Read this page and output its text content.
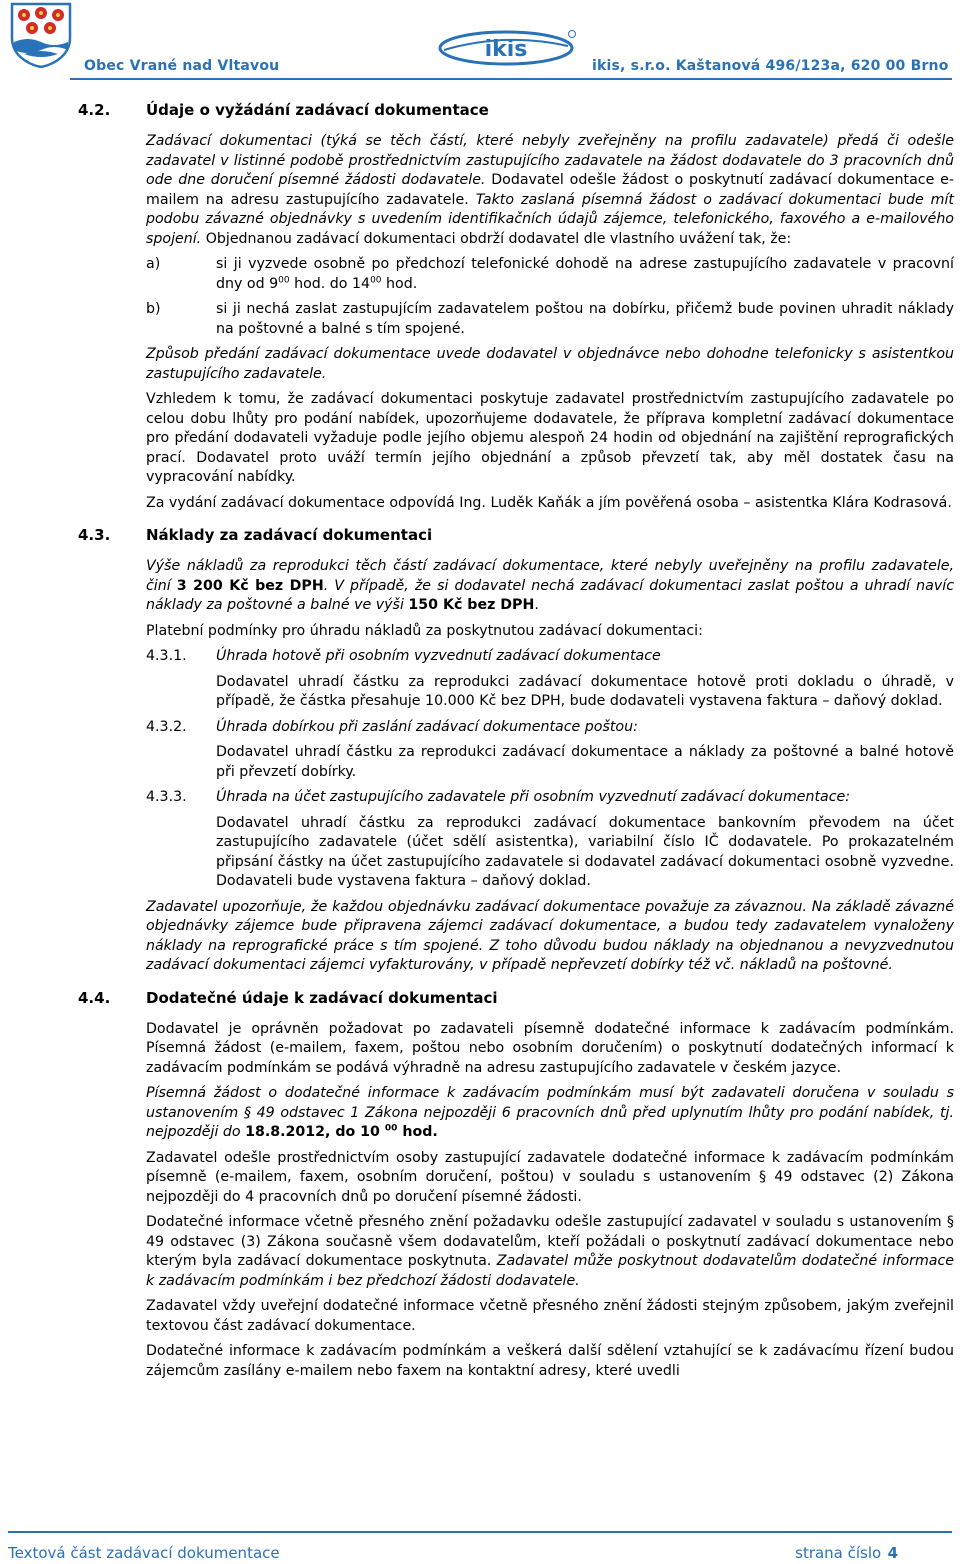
Obec Vrané nad Vltavou
ikis
ikis, s.r.o. Kaštanová 496/123a, 620 00 Brno
4.2. Údaje o vyžádání zadávací dokumentace
Zadávací dokumentaci (týká se těch částí, které nebyly zveřejněny na profilu zadavatele) předá či odešle zadavatel v listinné podobě prostřednictvím zastupujícího zadavatele na žádost dodavatele do 3 pracovních dnů ode dne doručení písemné žádosti dodavatele. Dodavatel odešle žádost o poskytnutí zadávací dokumentace e-mailem na adresu zastupujícího zadavatele. Takto zaslaná písemná žádost o zadávací dokumentaci bude mít podobu závazné objednávky s uvedením identifikačních údajů zájemce, telefonického, faxového a e-mailového spojení. Objednanou zadávací dokumentaci obdrží dodavatel dle vlastního uvážení tak, že:
a)	si ji vyzvede osobně po předchozí telefonické dohodě na adrese zastupujícího zadavatele v pracovní dny od $9^{00}$ hod. do $14^{00}$ hod.
b)	si ji nechá zaslat zastupujícím zadavatelem poštou na dobírku, přičemž bude povinen uhradit náklady na poštovné a balné s tím spojené.
Způsob předání zadávací dokumentace uvede dodavatel v objednávce nebo dohodne telefonicky s asistentkou zastupujícího zadavatele.
Vzhledem k tomu, že zadávací dokumentaci poskytuje zadavatel prostřednictvím zastupujícího zadavatele po celou dobu lhůty pro podání nabídek, upozorňujeme dodavatele, že příprava kompletní zadávací dokumentace pro předání dodavateli vyžaduje podle jejího objemu alespoň 24 hodin od objednání na zajištění reprografických prací. Dodavatel proto uváží termín jejího objednání a způsob převzetí tak, aby měl dostatek času na vypracování nabídky.
Za vydání zadávací dokumentace odpovídá Ing. Luděk Kaňák a jím pověřená osoba – asistentka Klára Kodrasová.
4.3. Náklady za zadávací dokumentaci
Výše nákladů za reprodukci těch částí zadávací dokumentace, které nebyly uveřejněny na profilu zadavatele, činí 3 200 Kč bez DPH. V případě, že si dodavatel nechá zadávací dokumentaci zaslat poštou a uhradí navíc náklady za poštovné a balné ve výši 150 Kč bez DPH.
Platební podmínky pro úhradu nákladů za poskytnutou zadávací dokumentaci:
4.3.1. Úhrada hotově při osobním vyzvednutí zadávací dokumentace
Dodavatel uhradí částku za reprodukci zadávací dokumentace hotově proti dokladu o úhradě, v případě, že částka přesahuje 10.000 Kč bez DPH, bude dodavateli vystavena faktura – daňový doklad.
4.3.2. Úhrada dobírkou při zaslání zadávací dokumentace poštou:
Dodavatel uhradí částku za reprodukci zadávací dokumentace a náklady za poštovné a balné hotově při převzetí dobírky.
4.3.3. Úhrada na účet zastupujícího zadavatele při osobním vyzvednutí zadávací dokumentace:
Dodavatel uhradí částku za reprodukci zadávací dokumentace bankovním převodem na účet zastupujícího zadavatele (účet sdělí asistentka), variabilní číslo IČ dodavatele. Po prokazatelném připsání částky na účet zastupujícího zadavatele si dodavatel zadávací dokumentaci osobně vyzvedne. Dodavateli bude vystavena faktura – daňový doklad.
Zadavatel upozorňuje, že každou objednávku zadávací dokumentace považuje za závaznou. Na základě závazné objednávky zájemce bude připravena zájemci zadávací dokumentace, a budou tedy zadavatelem vynaloženy náklady na reprografické práce s tím spojené. Z toho důvodu budou náklady na objednanou a nevyzvednutou zadávací dokumentaci zájemci vyfakturovány, v případě nepřevzetí dobírky též vč. nákladů na poštovné.
4.4. Dodatečné údaje k zadávací dokumentaci
Dodavatel je oprávněn požadovat po zadavateli písemně dodatečné informace k zadávacím podmínkám. Písemná žádost (e-mailem, faxem, poštou nebo osobním doručením) o poskytnutí dodatečných informací k zadávacím podmínkám se podává výhradně na adresu zastupujícího zadavatele v českém jazyce.
Písemná žádost o dodatečné informace k zadávacím podmínkám musí být zadavateli doručena v souladu s ustanovením § 49 odstavec 1 Zákona nejpozději 6 pracovních dnů před uplynutím lhůty pro podání nabídek, tj. nejpozději do 18.8.2012, do 10 $^{00}$ hod.
Zadavatel odešle prostřednictvím osoby zastupující zadavatele dodatečné informace k zadávacím podmínkám písemně (e-mailem, faxem, osobním doručení, poštou) v souladu s ustanovením § 49 odstavec (2) Zákona nejpozději do 4 pracovních dnů po doručení písemné žádosti.
Dodatečné informace včetně přesného znění požadavku odešle zastupující zadavatel v souladu s ustanovením § 49 odstavec (3) Zákona současně všem dodavatelům, kteří požádali o poskytnutí zadávací dokumentace nebo kterým byla zadávací dokumentace poskytnuta. Zadavatel může poskytnout dodavatelům dodatečné informace k zadávacím podmínkám i bez předchozí žádosti dodavatele.
Zadavatel vždy uveřejní dodatečné informace včetně přesného znění žádosti stejným způsobem, jakým zveřejnil textovou část zadávací dokumentace.
Dodatečné informace k zadávacím podmínkám a veškerá další sdělení vztahující se k zadávacímu řízení budou zájemcům zasílány e-mailem nebo faxem na kontaktní adresy, které uvedli
Textová část zadávací dokumentace	strana číslo 4
